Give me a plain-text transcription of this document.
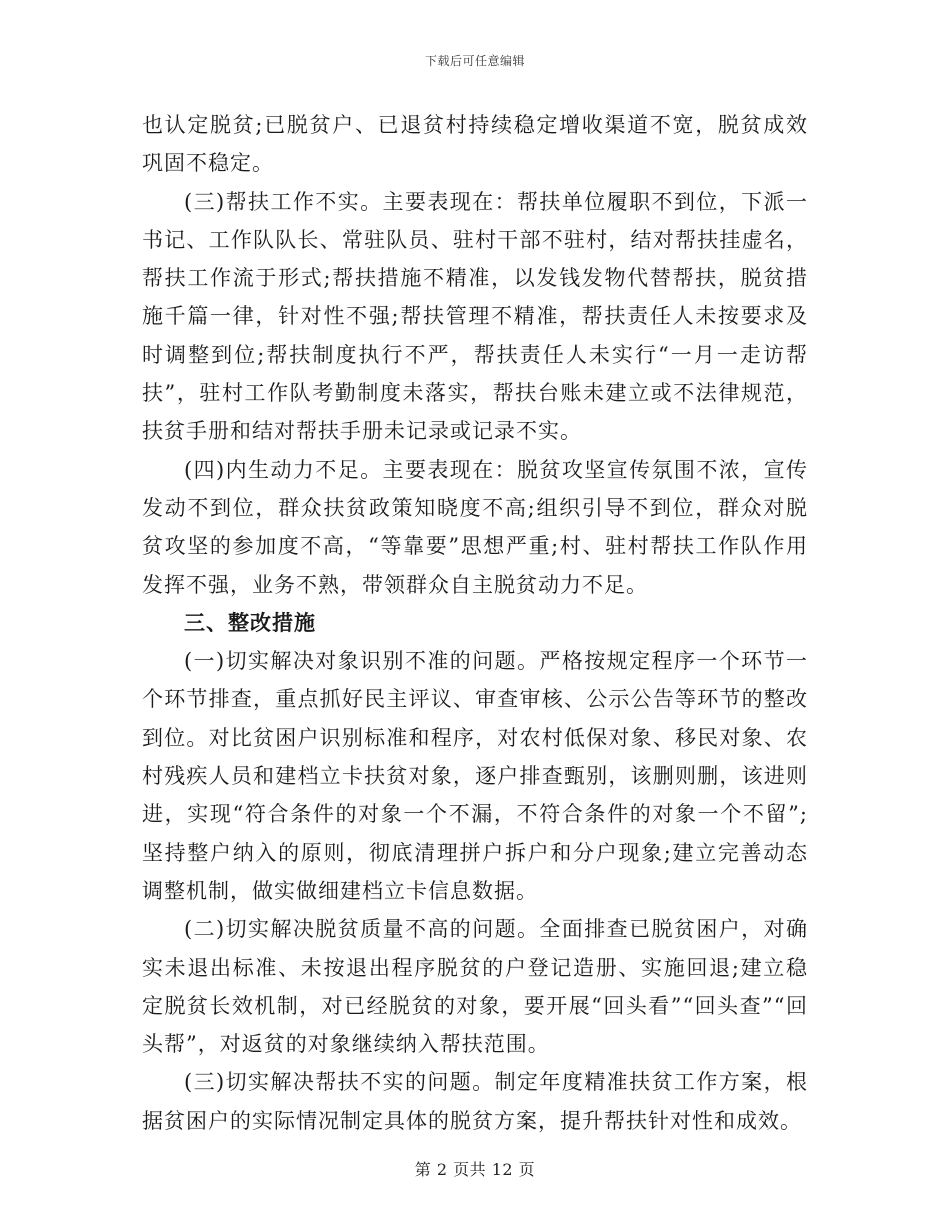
下载后可任意编辑

也认定脱贫;已脱贫户、已退贫村持续稳定增收渠道不宽，脱贫成效巩固不稳定。

(三)帮扶工作不实。主要表现在：帮扶单位履职不到位，下派一书记、工作队队长、常驻队员、驻村干部不驻村，结对帮扶挂虚名，帮扶工作流于形式;帮扶措施不精准，以发钱发物代替帮扶，脱贫措施千篇一律，针对性不强;帮扶管理不精准，帮扶责任人未按要求及时调整到位;帮扶制度执行不严，帮扶责任人未实行“一月一走访帮扶”，驻村工作队考勤制度未落实，帮扶台账未建立或不法律规范，扶贫手册和结对帮扶手册未记录或记录不实。

(四)内生动力不足。主要表现在：脱贫攻坚宣传氛围不浓，宣传发动不到位，群众扶贫政策知晓度不高;组织引导不到位，群众对脱贫攻坚的参加度不高，“等靠要”思想严重;村、驻村帮扶工作队作用发挥不强，业务不熟，带领群众自主脱贫动力不足。

三、整改措施

(一)切实解决对象识别不准的问题。严格按规定程序一个环节一个环节排查，重点抓好民主评议、审查审核、公示公告等环节的整改到位。对比贫困户识别标准和程序，对农村低保对象、移民对象、农村残疾人员和建档立卡扶贫对象，逐户排查甄别，该删则删，该进则进，实现“符合条件的对象一个不漏，不符合条件的对象一个不留”;坚持整户纳入的原则，彻底清理拼户拆户和分户现象;建立完善动态调整机制，做实做细建档立卡信息数据。

(二)切实解决脱贫质量不高的问题。全面排查已脱贫困户，对确实未退出标准、未按退出程序脱贫的户登记造册、实施回退;建立稳定脱贫长效机制，对已经脱贫的对象，要开展“回头看”“回头查”“回头帮”，对返贫的对象继续纳入帮扶范围。

(三)切实解决帮扶不实的问题。制定年度精准扶贫工作方案，根据贫困户的实际情况制定具体的脱贫方案，提升帮扶针对性和成效。

第 2 页共 12 页
